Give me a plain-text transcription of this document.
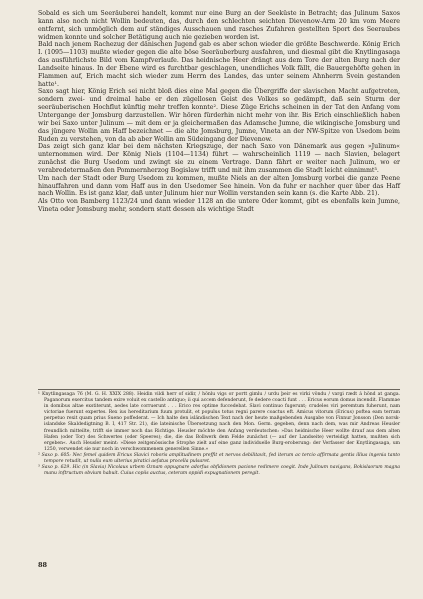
Sobald es sich um Seeräuberei handelt, kommt nur eine Burg an der Seeküste in Betracht; das Julinum Saxos kann also noch nicht Wollin bedeuten, das, durch den schlechten seichten Dievenow-Arm 20 km vom Meere entfernt, sich unmöglich dem auf ständiges Ausschauen und rasches Zufahren gestellten Sport des Seeraubes widmen konnte und solcher Betätigung auch nie gezieben worden ist.

Bald nach jenem Rachezug der dänischen Jugend gab es aber schon wieder die größte Beschwerde. König Erich I. (1095—1103) mußte wieder gegen die alte böse Seeräuberburg ausfahren, und diesmal gibt die Knytlingasaga das ausführlichste Bild vom Kampfverlaufe. Das heidnische Heer drängt aus dem Tore der alten Burg nach der Landseite hinaus. In der Ebene wird es furchtbar geschlagen, unendliches Volk fällt, die Bauergehöfte gehen in Flammen auf, Erich macht sich wieder zum Herrn des Landes, das unter seinem Ahnherrn Svein gestanden hatte¹.

Saxo sagt hier, König Erich sei nicht bloß dies eine Mal gegen die Übergriffe der slavischen Macht aufgetreten, sondern zwei- und dreimal habe er den zügellosen Geist des Volkes so gedämpft, daß sein Sturm der seeräuberischen Hochflut künftig mehr treffen konnte². Diese Züge Erichs scheinen in der Tat den Anfang vom Untergange der Jomsburg darzustellen. Wir hören fürderhin nicht mehr von ihr. Bis Erich einschließlich haben wir bei Saxo unter Julinum — mit dem er ja gleichermaßen das Adamsche Jumne, die wikingische Jomsburg und das jüngere Wollin am Haff bezeichnet — die alte Jomsburg, Jumne, Vineta an der NW-Spitze von Usedom beim Ruden zu verstehen, von da ab aber Wollin am Südeingang der Dievenow.

Das zeigt sich ganz klar bei dem nächsten Kriegszuge, der nach Saxo von Dänemark aus gegen »Julinum« unternommen wird. Der König Niels (1104—1134) führt — wahrscheinlich 1119 — nach Slavien, belagert zunächst die Burg Usedom und zwingt sie zu einem Vertrage. Dann fährt er weiter nach Julinum, wo er verabredetermaßen den Pommernherzog Bogislaw trifft und mit ihm zusammen die Stadt leicht einnimmt³.

Um nach der Stadt oder Burg Usedom zu kommen, mußte Niels an der alten Jomsburg vorbei die ganze Peene hinauffahren und dann vom Haff aus in den Usedomer See hinein. Von da fuhr er nachher quer über das Haff nach Wollin. Es ist ganz klar, daß unter Julinum hier nur Wollin verstanden sein kann (s. die Karte Abb. 21).

Als Otto von Bamberg 1123/24 und dann wieder 1128 an die untere Oder kommt, gibt es ebenfalls kein Jumne, Vineta oder Jomsburg mehr, sondern statt dessen als wichtige Stadt

¹ Knytlingasaga 76 (M. G. H. XXIX 288). Heidin vildi herr of sidir, / hönlu vigs or portt gimlu / urdu þeir es virki vöndu / vargi rædt á hönd at ganga. Paganorum exercitus tandem exire voluit ex castello antiquo; ii qui accem defenderunt, fe dedere coacti funt . . . Ericus eorum domus incendit. Flammae in domibus altae exstiterunt, aedes late corruerunt . . . Erico res optime fuccedebat. Slavi continuo fugerunt; crudeles viri peremtum fuherunt, nam victoriae fuerunt expertes. Rex ius hereditarium fuum protulit, et populus totus regni parere coactus eft. Amicus vitorum (Ericus) poftea eam terram perpetuo rexit quam prius Sueno poffederat. — Ich halte den isländischen Text nach der heute maßgebenden Ausgabe von Finnur Jonsson (Den norsk-islandske Skaldedigtning B. I, 417 Str. 21), die lateinische Übersetzung nach den Mon. Germ. gegeben, denn nach dem, was mir Andreas Heusler freundlich mitteilte, trifft sie immer noch das Richtige. Heusler möchte den Anfang verdeutschen: »Das heidnische Heer wollte drauf aus dem alten Hafen (oder Tor) des Schwertes (oder Speeres); die, die das Bollwerk dem Felde zunächst (— auf der Landseite) verteidigt hatten, mußten sich ergeben«. Auch Heusler meint: »Diese zeitgenössische Strophe zielt auf eine ganz individuelle Burg-eroberung: der Verfasser der Knytlingasaga, um 1250, verwendet sie nur noch in verschwommenem generellen Sinne.«

² Saxo p. 605: Nec femel quidem Ericus Slavici roboris amplitudinem preffit et nervos debilitavit, fed iterum ac tercio affirmata gentis illius ingenia tanto tempore retudit, ut nulla eum ulterius piratici aefatus procella pulsaret.

³ Saxo p. 629. Hic (in Slavia) Nicolaus urbem Oznam oppugnare adorfus obfidionem pacione redimere coegit. Inde Julinum navigans, Bokislaorum magna manu inftructum obvium habuit. Cuius copiis auctus, ceteram oppidi expugnationem peregit.

88
